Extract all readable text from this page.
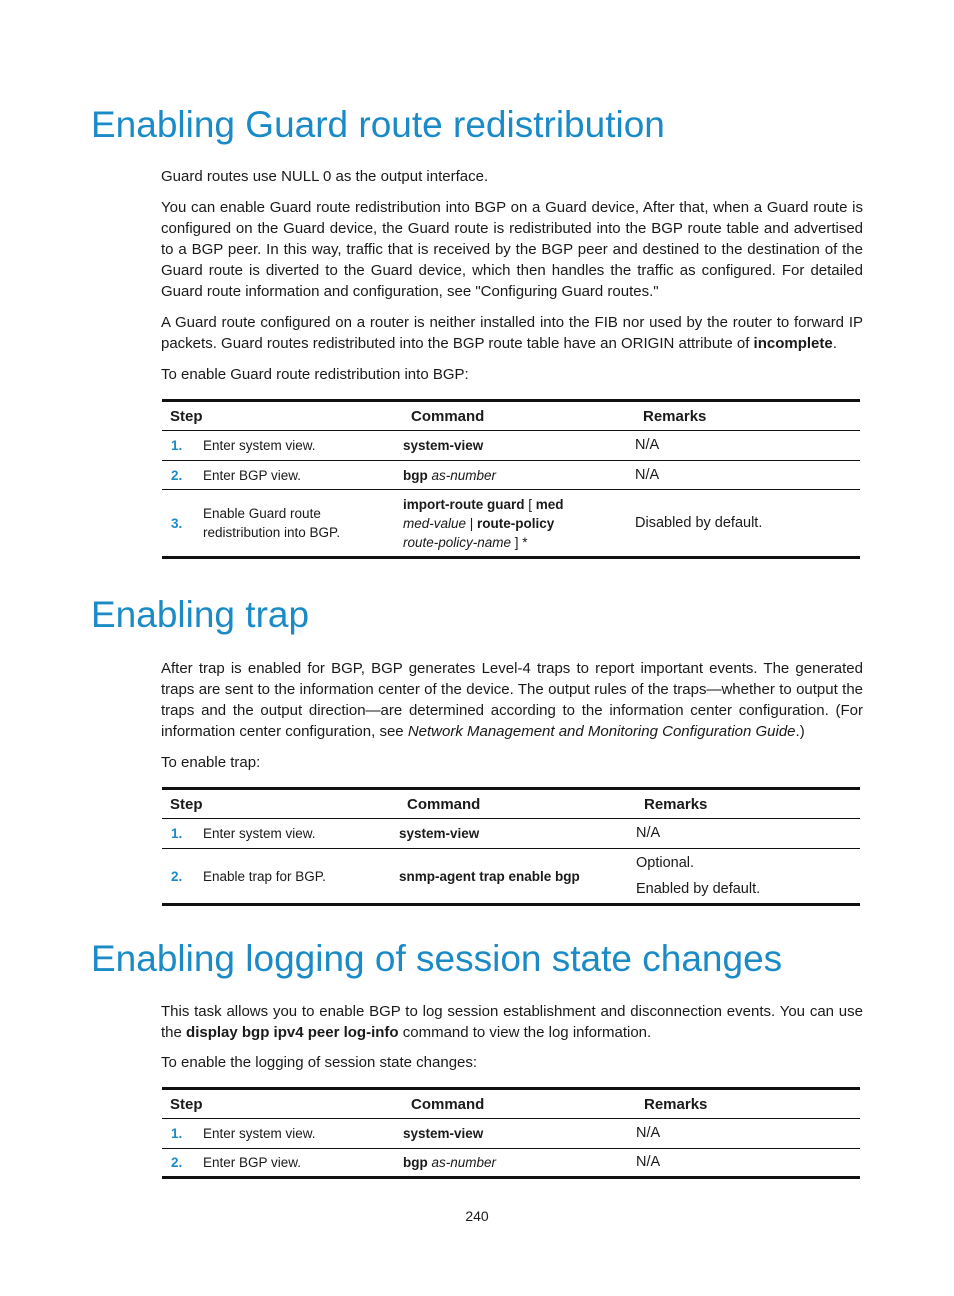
Enabling Guard route redistribution

Guard routes use NULL 0 as the output interface.

You can enable Guard route redistribution into BGP on a Guard device, After that, when a Guard route is configured on the Guard device, the Guard route is redistributed into the BGP route table and advertised to a BGP peer. In this way, traffic that is received by the BGP peer and destined to the destination of the Guard route is diverted to the Guard device, which then handles the traffic as configured. For detailed Guard route information and configuration, see "Configuring Guard routes."

A Guard route configured on a router is neither installed into the FIB nor used by the router to forward IP packets. Guard routes redistributed into the BGP route table have an ORIGIN attribute of incomplete.

To enable Guard route redistribution into BGP:

Step		Command	Remarks
1.	Enter system view.	system-view	N/A
2.	Enter BGP view.	bgp as-number	N/A
3.	Enable Guard route redistribution into BGP.	import-route guard [ med
med-value | route-policy
route-policy-name ] *	Disabled by default.
Enabling trap

After trap is enabled for BGP, BGP generates Level-4 traps to report important events. The generated traps are sent to the information center of the device. The output rules of the traps—whether to output the traps and the output direction—are determined according to the information center configuration. (For information center configuration, see Network Management and Monitoring Configuration Guide.)

To enable trap:

Step		Command	Remarks
1.	Enter system view.	system-view	N/A
2.	Enable trap for BGP.	snmp-agent trap enable bgp	Optional.
Enabled by default.
Enabling logging of session state changes

This task allows you to enable BGP to log session establishment and disconnection events. You can use the display bgp ipv4 peer log-info command to view the log information.

To enable the logging of session state changes:

Step		Command	Remarks
1.	Enter system view.	system-view	N/A
2.	Enter BGP view.	bgp as-number	N/A
240
